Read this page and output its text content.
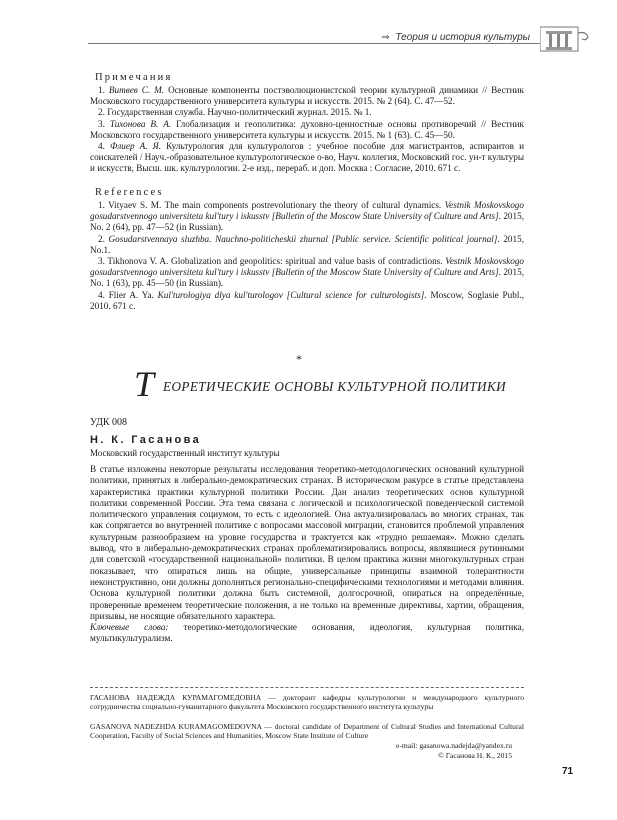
⇒ Теория и история культуры
Примечания

1. Витвев С. М. Основные компоненты постэволюционистской теории культурной динамики // Вестник Московского государственного университета культуры и искусств. 2015. № 2 (64). С. 47—52.

2. Государственная служба. Научно-политический журнал. 2015. № 1.

3. Тихонова В. А. Глобализация и геополитика: духовно-ценностные основы противоречий // Вестник Московского государственного университета культуры и искусств. 2015. № 1 (63). С. 45—50.

4. Флиер А. Я. Культурология для культурологов : учебное пособие для магистрантов, аспирантов и соискателей / Науч.-образовательное культурологическое о-во, Науч. коллегия, Московский гос. ун-т культуры и искусств, Высш. шк. культурологии. 2-е изд., перераб. и доп. Москва : Согласие, 2010. 671 с.

References

1. Vityaev S. M. The main components postrevolutionary the theory of cultural dynamics. Vestnik Moskovskogo gosudarstvennogo universiteta kul'tury i iskusstv [Bulletin of the Moscow State University of Culture and Arts]. 2015, No. 2 (64), pp. 47—52 (in Russian).

2. Gosudarstvennaya sluzhba. Nauchno-politicheskii zhurnal [Public service. Scientific political journal]. 2015, No.1.

3. Tikhonova V. A. Globalization and geopolitics: spiritual and value basis of contradictions. Vestnik Moskovskogo gosudarstvennogo universiteta kul'tury i iskusstv [Bulletin of the Moscow State University of Culture and Arts]. 2015, No. 1 (63), pp. 45—50 (in Russian).

4. Flier A. Ya. Kul'turologiya dlya kul'turologov [Cultural science for culturologists]. Moscow, Soglasie Publ., 2010. 671 c.

*
Т ЕОРЕТИЧЕСКИЕ ОСНОВЫ КУЛЬТУРНОЙ ПОЛИТИКИ
УДК 008
Н. К. Гасанова
Московский государственный институт культуры

В статье изложены некоторые результаты исследования теоретико-методологических оснований культурной политики, принятых в либерально-демократических странах. В историческом ракурсе в статье представлена характеристика практики культурной политики России. Дан анализ теоретических основ культурной политики современной России. Эта тема связана с логической и психологической поведенческой системой политического управления социумом, то есть с идеологией. Она актуализировалась во многих странах, так как сопрягается во внутренней политике с вопросами массовой миграции, становится проблемой управления культурным разнообразием на уровне государства и трактуется как «трудно решаемая». Можно сделать вывод, что в либерально-демократических странах проблематизировались вопросы, являвшиеся рутинными для советской «государственной национальной» политики. В целом практика жизни многокультурных стран показывает, что опираться лишь на общие, универсальные принципы взаимной толерантности неконструктивно, они должны дополняться регионально-специфическими технологиями и методами влияния. Основа культурной политики должна быть системной, долгосрочной, опираться на определённые, проверенные временем теоретические положения, а не только на временные директивы, хартии, обращения, призывы, не носящие обязательного характера.

Ключевые слова: теоретико-методологические основания, идеология, культурная политика, мультикультурализм.

ГАСАНОВА НАДЕЖДА КУРАМАГОМЕДОВНА — докторант кафедры культурологии и международного культурного сотрудничества социально-гуманитарного факультета Московского государственного института культуры
GASANOVA NADEZHDA KURAMAGOMEDOVNA — doctoral candidate of Department of Cultural Studies and International Cultural Cooperation, Faculty of Social Sciences and Humanities, Moscow State Institute of Culture
e-mail: gasanowa.nadejda@yandex.ru
© Гасанова Н. К., 2015
71
